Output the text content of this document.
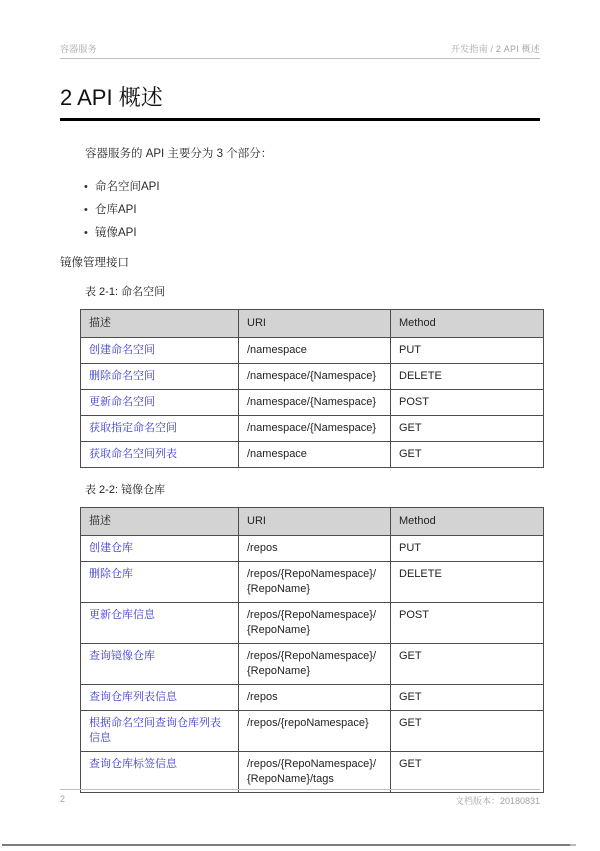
容器服务	开发指南 / 2 API 概述
2 API 概述

容器服务的 API 主要分为 3 个部分：

• 命名空间API
• 仓库API
• 镜像API
镜像管理接口
表 2-1: 命名空间
描述	URI	Method
创建命名空间	/namespace	PUT
删除命名空间	/namespace/{Namespace}	DELETE
更新命名空间	/namespace/{Namespace}	POST
获取指定命名空间	/namespace/{Namespace}	GET
获取命名空间列表	/namespace	GET
表 2-2: 镜像仓库
描述	URI	Method
创建仓库	/repos	PUT
删除仓库	/repos/{RepoNamespace}/{RepoName}	DELETE
更新仓库信息	/repos/{RepoNamespace}/{RepoName}	POST
查询镜像仓库	/repos/{RepoNamespace}/{RepoName}	GET
查询仓库列表信息	/repos	GET
根据命名空间查询仓库列表信息	/repos/{repoNamespace}	GET
查询仓库标签信息	/repos/{RepoNamespace}/{RepoName}/tags	GET
2	文档版本：20180831
